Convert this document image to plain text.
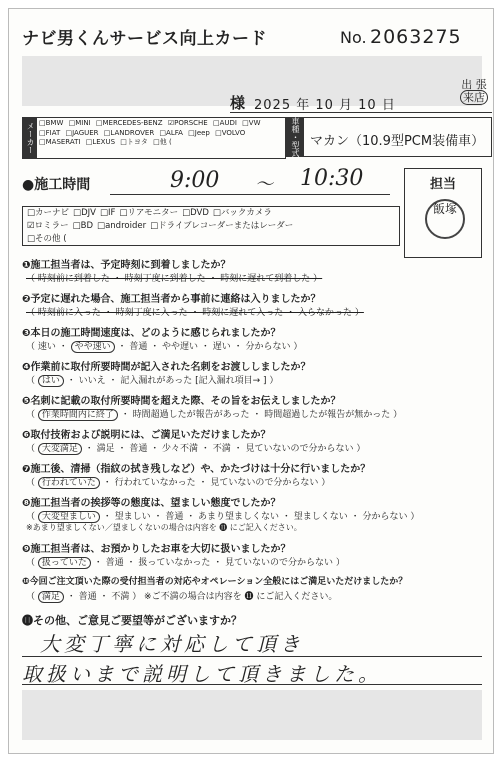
ナビ男くんサービス向上カード	No. 2063275
様 2025 年 10 月 10 日
出 張
来店
メーカー □BMW □MINI □MERCEDES-BENZ ☑PORSCHE □AUDI □VW
□FIAT □JAGUER □LANDROVER □ALFA □Jeep □VOLVO
□MASERATI □LEXUS □トヨタ □他 (	車種・型式 マカン（10.9型PCM装備車）
●施工時間	9:00 〜 10:30	担当
飯塚
□カーナビ □DJV □IF □リアモニター □DVD □バックカメラ
☑ロミラー □BD □androider □ドライブレコーダーまたはレーダー
□その他 (
❶施工担当者は、予定時刻に到着しましたか？
（ 時刻前に到着した ・ 時刻丁度に到着した ・ 時刻に遅れて到着した ）
❷予定に遅れた場合、施工担当者から事前に連絡は入りましたか？
（ 時刻前に入った ・ 時刻丁度に入った ・ 時刻に遅れて入った ・ 入らなかった ）
❸本日の施工時間速度は、どのように感じられましたか？
（ 速い ・ やや速い ・ 普通 ・ やや遅い ・ 遅い ・ 分からない ）
❹作業前に取付所要時間が記入された名刺をお渡ししましたか？
（ はい ・ いいえ ・ 記入漏れがあった [記入漏れ項目→ ] ）
❺名刺に記載の取付所要時間を超えた際、その旨をお伝えしましたか？
（ 作業時間内に終了 ・ 時間超過したが報告があった ・ 時間超過したが報告が無かった ）
❻取付技術および説明には、ご満足いただけましたか？
（ 大変満足 ・ 満足 ・ 普通 ・ 少々不満 ・ 不満 ・ 見ていないので分からない ）
❼施工後、清掃（指紋の拭き残しなど）や、かたづけは十分に行いましたか？
（ 行われていた ・ 行われていなかった ・ 見ていないので分からない ）
❽施工担当者の挨拶等の態度は、望ましい態度でしたか？
（ 大変望ましい ・ 望ましい ・ 普通 ・ あまり望ましくない ・ 望ましくない ・ 分からない ）
※あまり望ましくない／望ましくないの場合は内容を ⓫ にご記入ください。
❾施工担当者は、お預かりしたお車を大切に扱いましたか？
（ 扱っていた ・ 普通 ・ 扱っていなかった ・ 見ていないので分からない ）
❿今回ご注文頂いた際の受付担当者の対応やオペレーション全般にはご満足いただけましたか？
（ 満足 ・ 普通 ・ 不満 ） ※ご不満の場合は内容を ⓫ にご記入ください。
⓫その他、ご意見ご要望等がございますか？
大変丁寧に対応して頂き
取扱いまで説明して頂きました。
